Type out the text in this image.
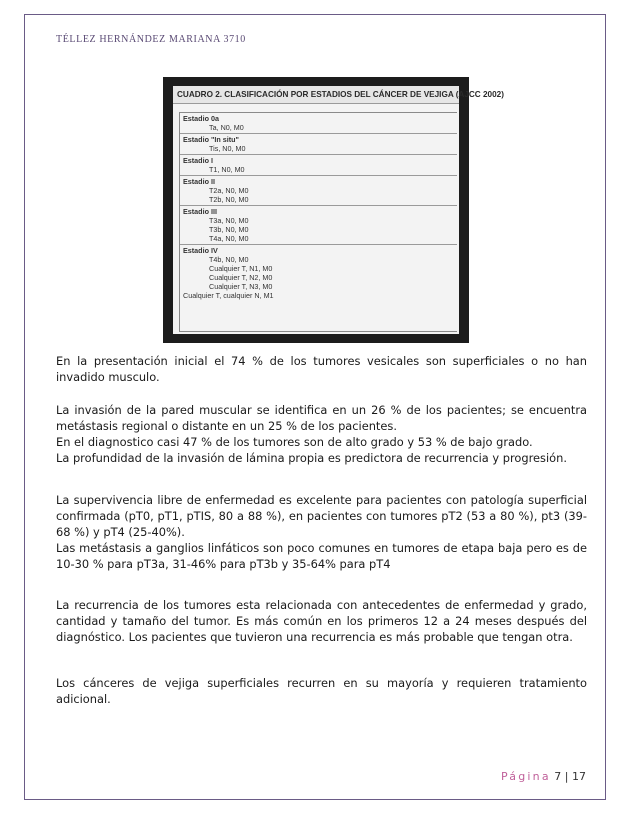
TÉLLEZ HERNÁNDEZ MARIANA 3710
CUADRO 2. CLASIFICACIÓN POR ESTADIOS DEL CÁNCER DE VEJIGA (AJCC 2002)
Estadio 0a
Ta, N0, M0
Estadio "In situ"
Tis, N0, M0
Estadio I
T1, N0, M0
Estadio II
T2a, N0, M0
T2b, N0, M0
Estadio III
T3a, N0, M0
T3b, N0, M0
T4a, N0, M0
Estadio IV
T4b, N0, M0
Cualquier T, N1, M0
Cualquier T, N2, M0
Cualquier T, N3, M0
Cualquier T, cualquier N, M1

En la presentación inicial el 74 % de los tumores vesicales son superficiales o no han invadido musculo.

La invasión de la pared muscular se identifica en un 26 % de los pacientes; se encuentra metástasis regional o distante en un 25 % de los pacientes.

En el diagnostico casi 47 % de los tumores son de alto grado y 53 % de bajo grado.

La profundidad de la invasión de lámina propia es predictora de recurrencia y progresión.

La supervivencia libre de enfermedad es excelente para pacientes con patología superficial confirmada (pT0, pT1, pTIS, 80 a 88 %), en pacientes con tumores pT2 (53 a 80 %), pt3 (39-68 %) y pT4 (25-40%).

Las metástasis a ganglios linfáticos son poco comunes en tumores de etapa baja pero es de 10-30 % para pT3a, 31-46% para pT3b y 35-64% para pT4

La recurrencia de los tumores esta relacionada con antecedentes de enfermedad y grado, cantidad y tamaño del tumor. Es más común en los primeros 12 a 24 meses después del diagnóstico. Los pacientes que tuvieron una recurrencia es más probable que tengan otra.

Los cánceres de vejiga superficiales recurren en su mayoría y requieren tratamiento adicional.

Página 7 | 17
